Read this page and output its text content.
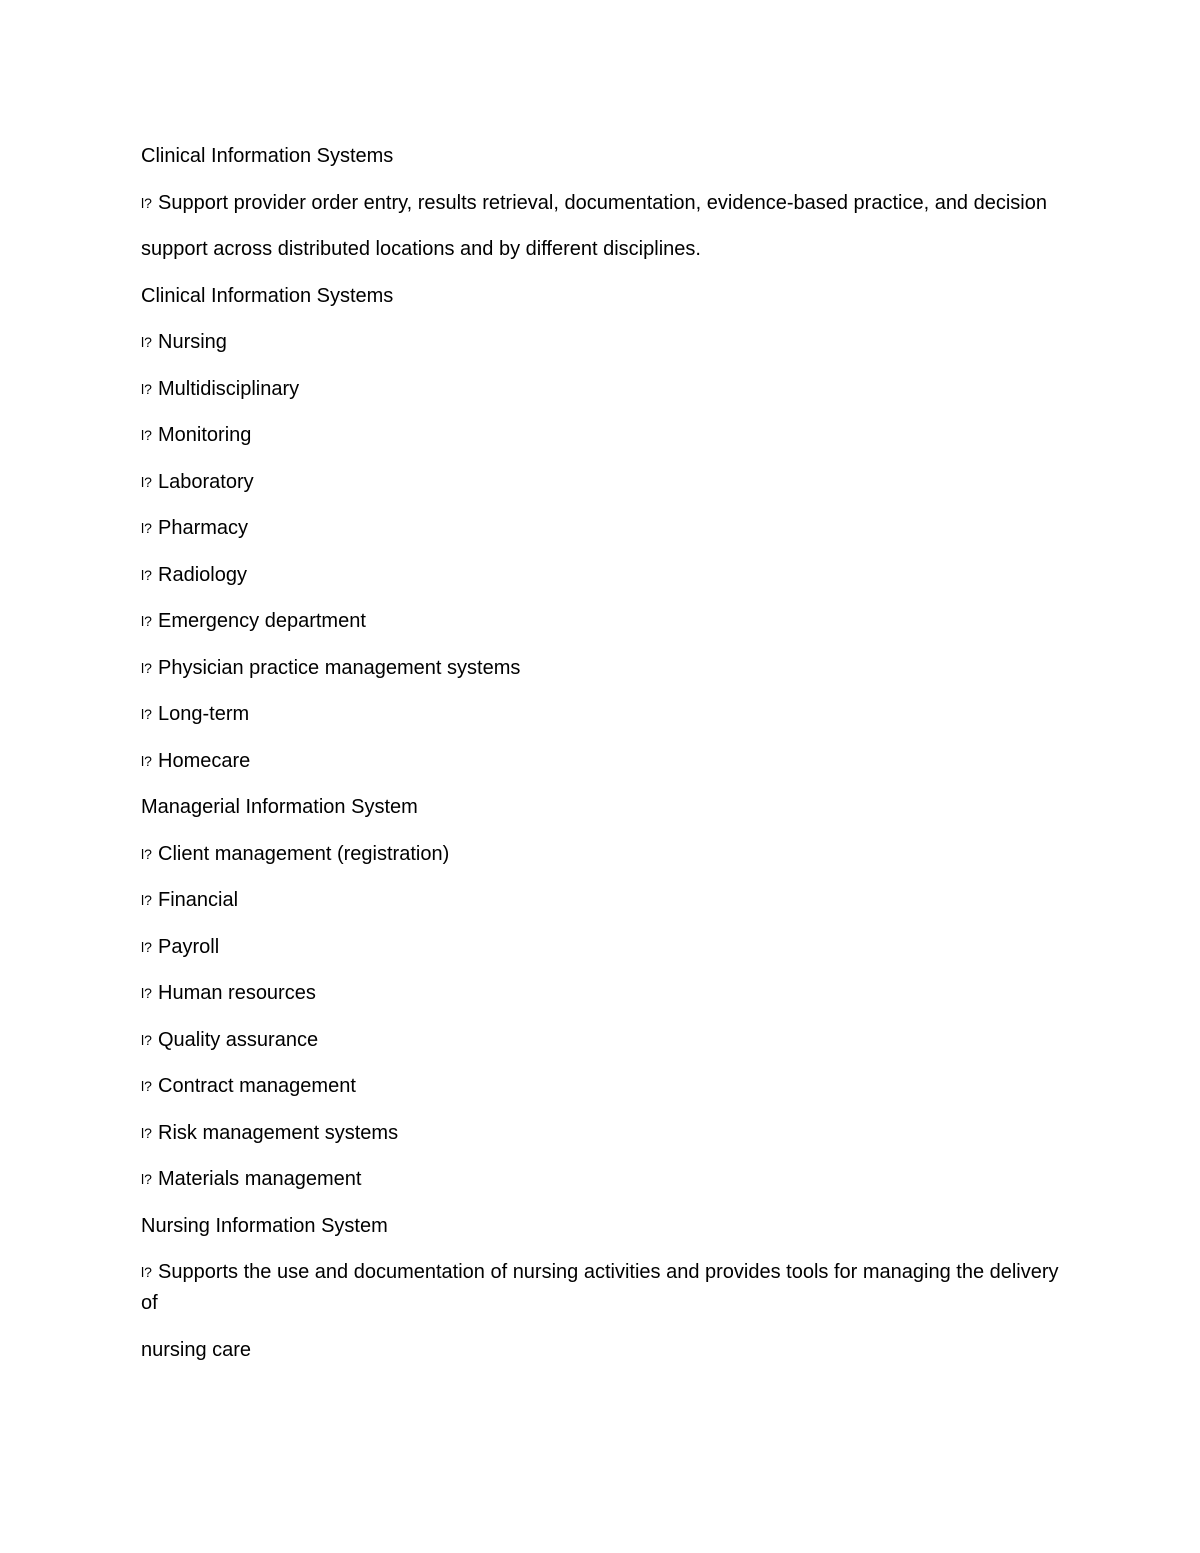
Clinical Information Systems

l? Support provider order entry, results retrieval, documentation, evidence-based practice, and decision

support across distributed locations and by different disciplines.

Clinical Information Systems

l? Nursing

l? Multidisciplinary

l? Monitoring

l? Laboratory

l? Pharmacy

l? Radiology

l? Emergency department

l? Physician practice management systems

l? Long-term

l? Homecare

Managerial Information System

l? Client management (registration)

l? Financial

l? Payroll

l? Human resources

l? Quality assurance

l? Contract management

l? Risk management systems

l? Materials management

Nursing Information System

l? Supports the use and documentation of nursing activities and provides tools for managing the delivery of

nursing care
